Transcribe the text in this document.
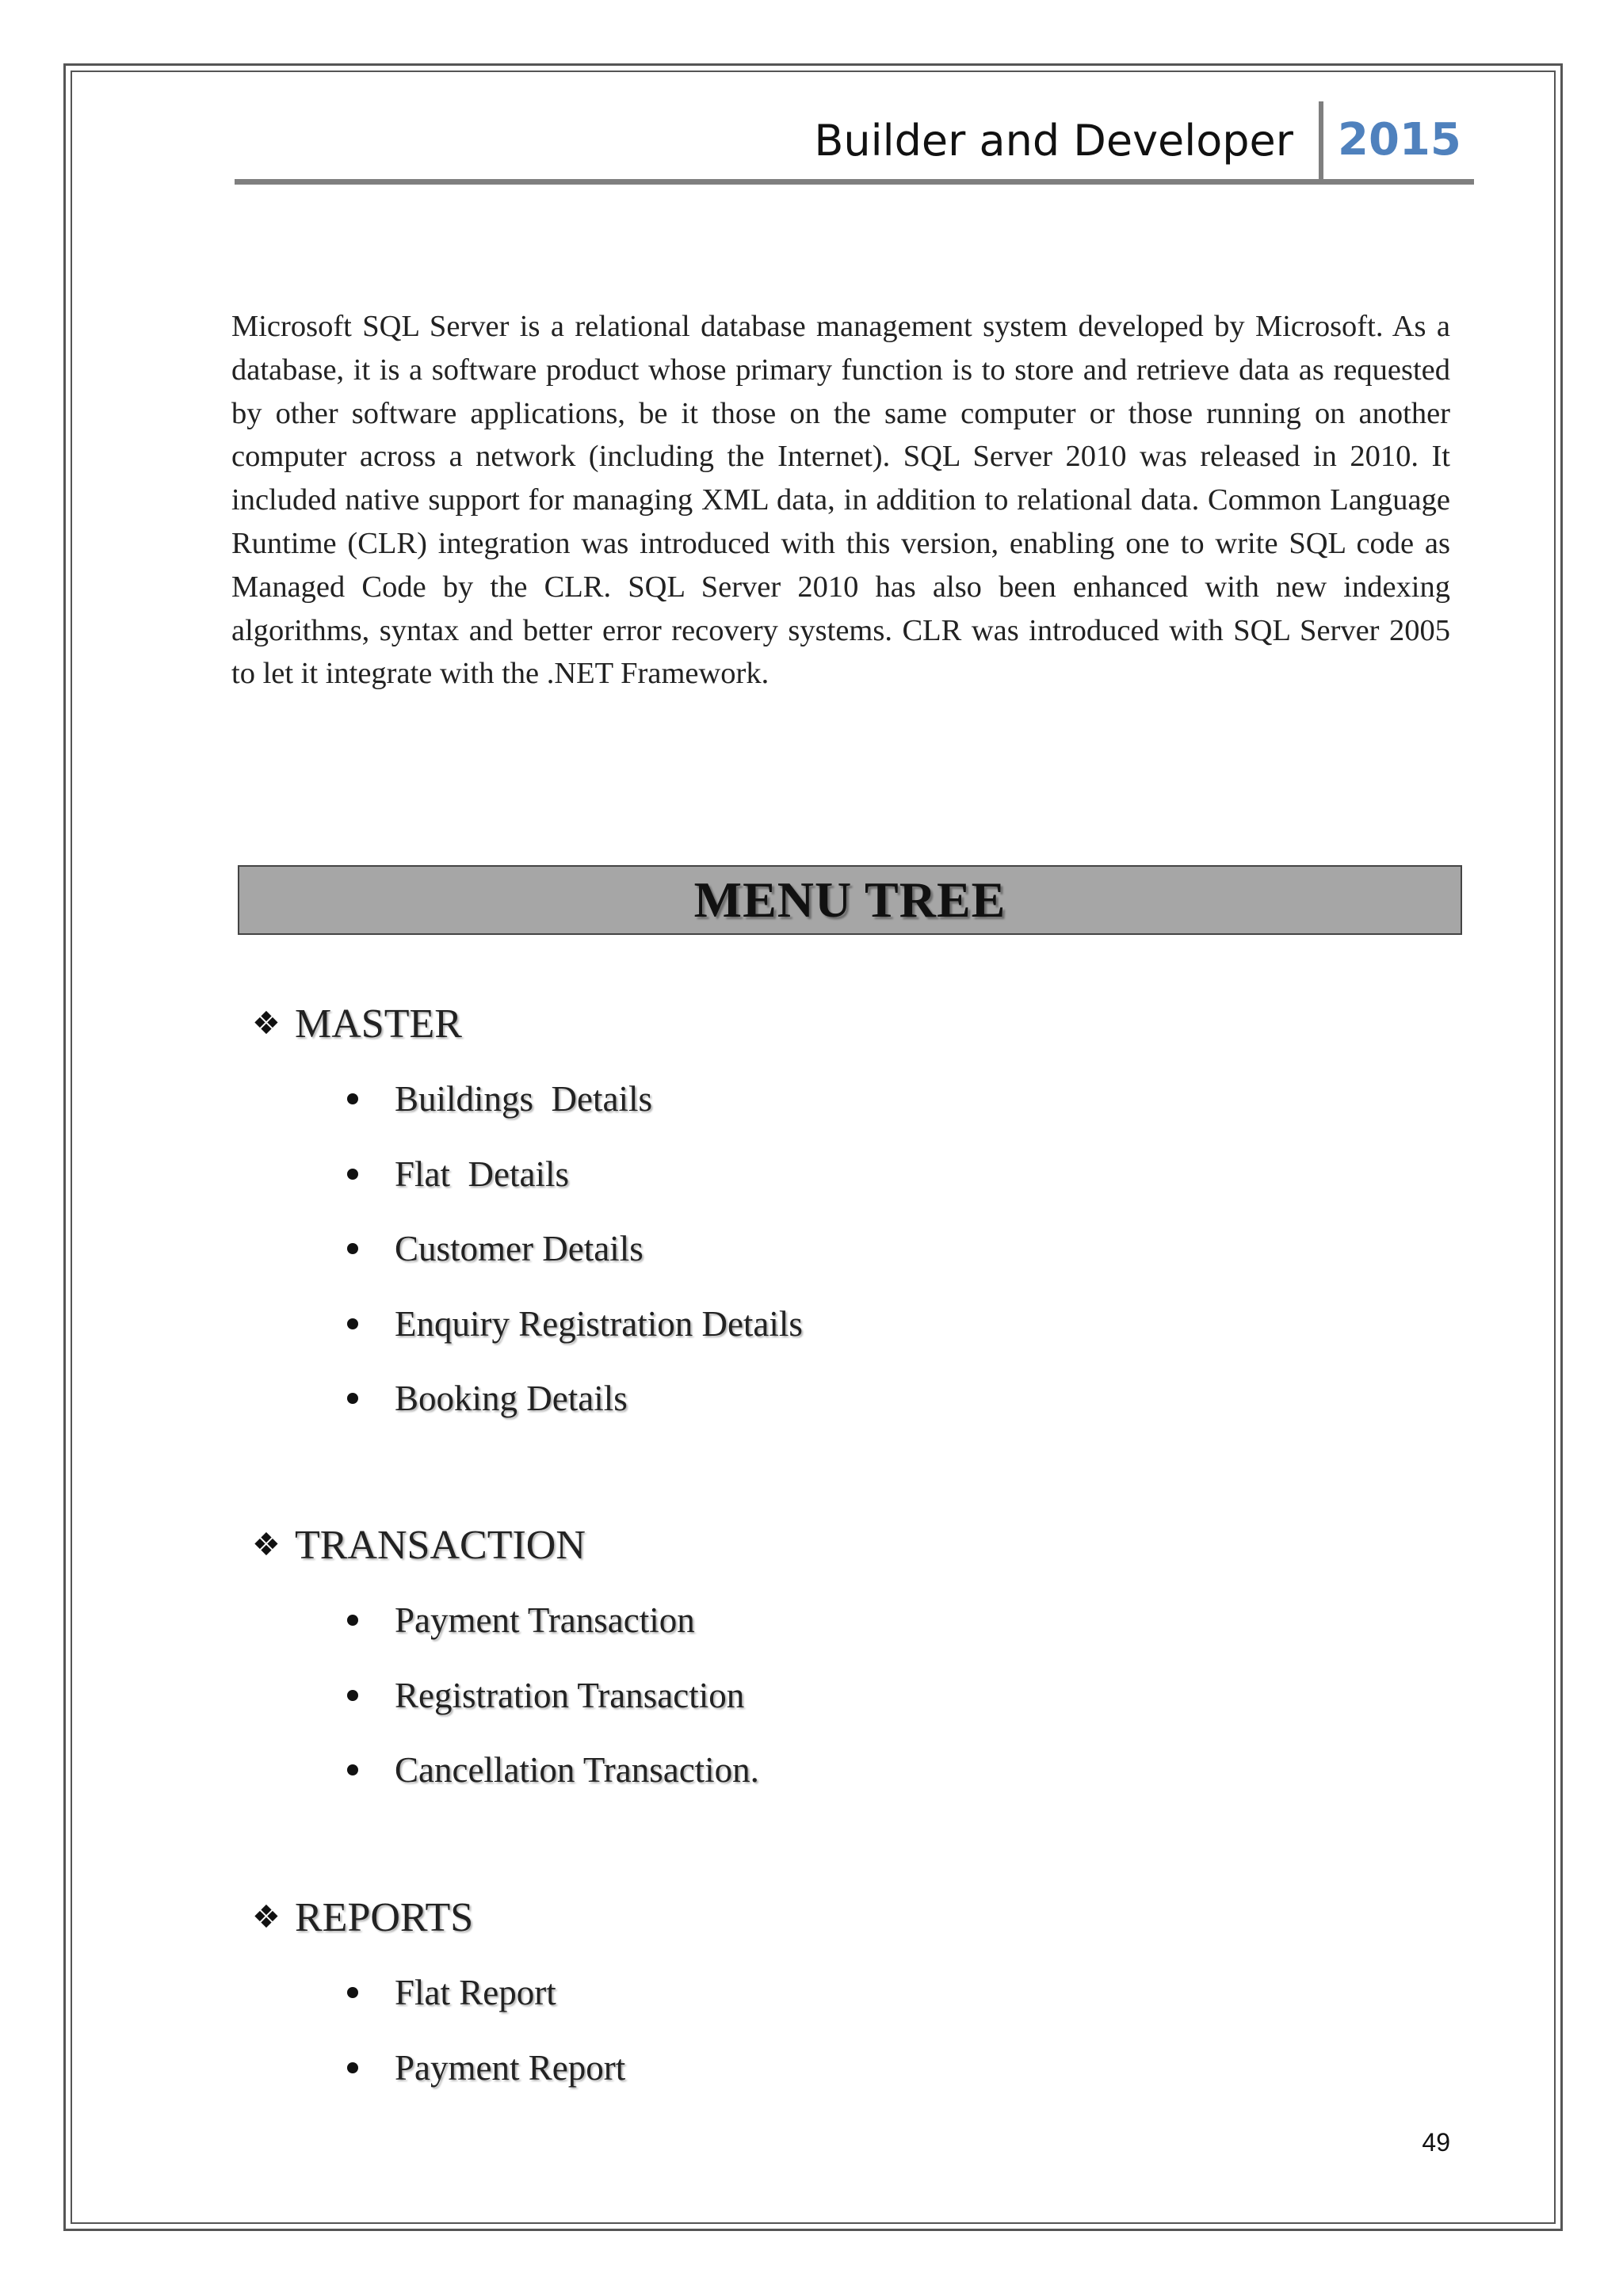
Builder and Developer 2015

Microsoft SQL Server is a relational database management system developed by Microsoft. As a database, it is a software product whose primary function is to store and retrieve data as requested by other software applications, be it those on the same computer or those running on another computer across a network (including the Internet). SQL Server 2010 was released in 2010. It included native support for managing XML data, in addition to relational data. Common Language Runtime (CLR) integration was introduced with this version, enabling one to write SQL code as Managed Code by the CLR. SQL Server 2010 has also been enhanced with new indexing algorithms, syntax and better error recovery systems. CLR was introduced with SQL Server 2005 to let it integrate with the .NET Framework.

MENU TREE
❖ MASTER
Buildings  Details
Flat  Details
Customer Details
Enquiry Registration Details
Booking Details
❖ TRANSACTION
Payment Transaction
Registration Transaction
Cancellation Transaction.
❖ REPORTS
Flat Report
Payment Report
49
